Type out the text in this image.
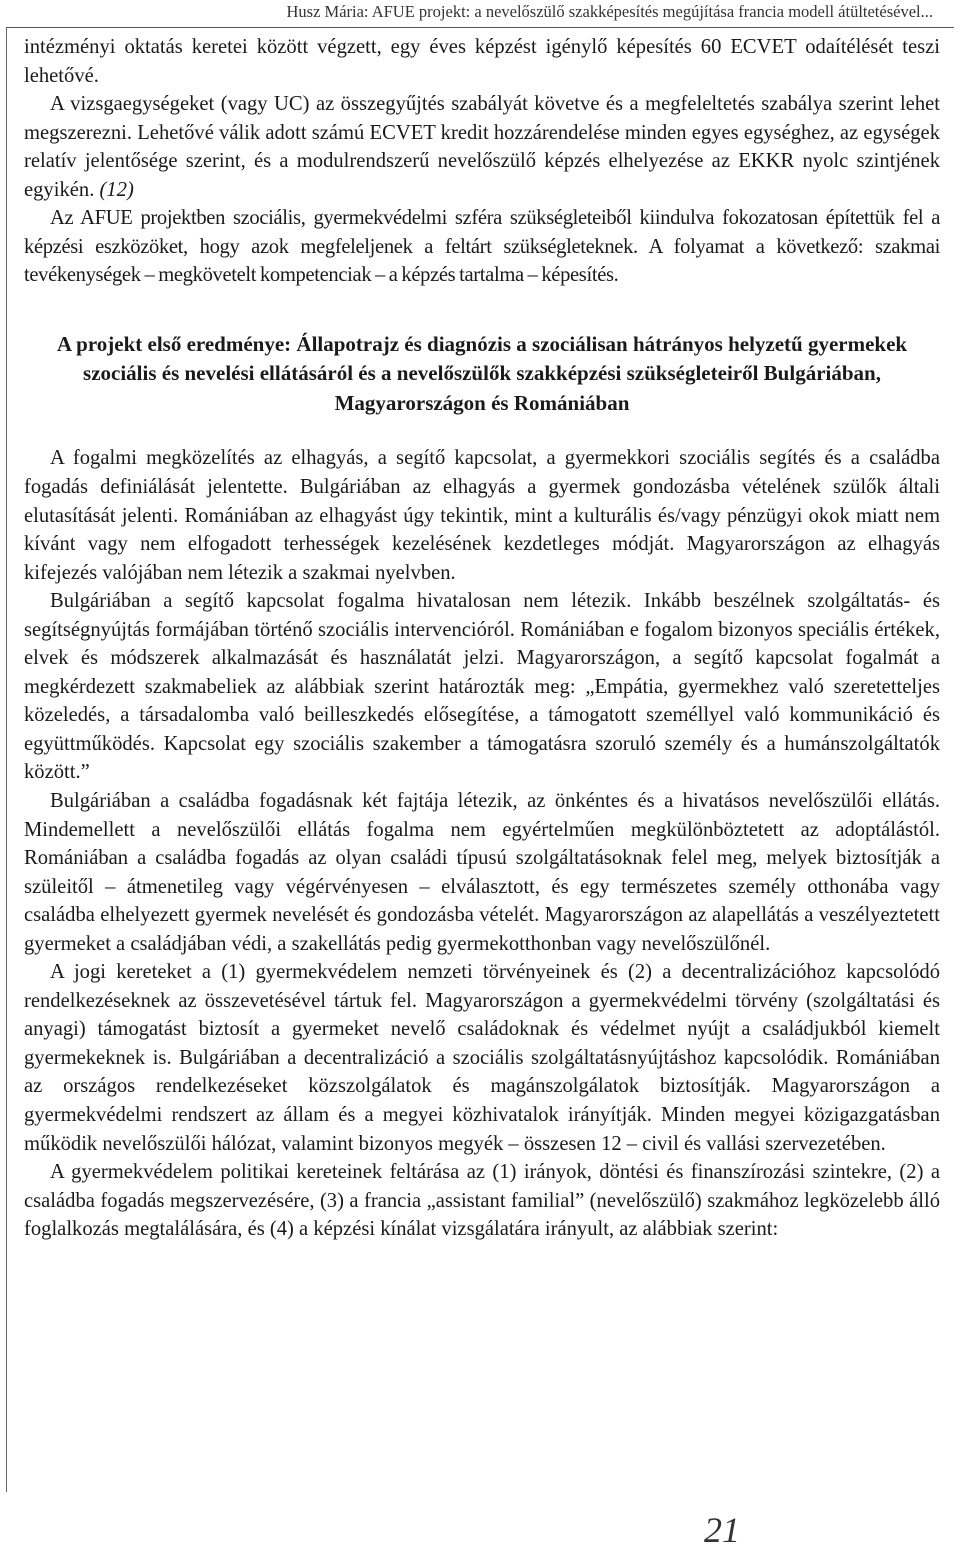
Husz Mária: AFUE projekt: a nevelőszülő szakképesítés megújítása francia modell átültetésével...

intézményi oktatás keretei között végzett, egy éves képzést igénylő képesítés 60 ECVET odaítélését teszi lehetővé.

A vizsgaegységeket (vagy UC) az összegyűjtés szabályát követve és a megfeleltetés szabálya szerint lehet megszerezni. Lehetővé válik adott számú ECVET kredit hozzárendelése minden egyes egységhez, az egységek relatív jelentősége szerint, és a modulrendszerű nevelőszülő képzés elhelyezése az EKKR nyolc szintjének egyikén. (12)

Az AFUE projektben szociális, gyermekvédelmi szféra szükségleteiből kiindulva fokozatosan építettük fel a képzési eszközöket, hogy azok megfeleljenek a feltárt szükségleteknek. A folyamat a következő: szakmai tevékenységek – megkövetelt kompetenciak – a képzés tartalma – képesítés.

A projekt első eredménye: Állapotrajz és diagnózis a szociálisan hátrányos helyzetű gyermekek szociális és nevelési ellátásáról és a nevelőszülők szakképzési szükségleteiről Bulgáriában, Magyarországon és Romániában

A fogalmi megközelítés az elhagyás, a segítő kapcsolat, a gyermekkori szociális segítés és a családba fogadás definiálását jelentette. Bulgáriában az elhagyás a gyermek gondozásba vételének szülők általi elutasítását jelenti. Romániában az elhagyást úgy tekintik, mint a kulturális és/vagy pénzügyi okok miatt nem kívánt vagy nem elfogadott terhességek kezelésének kezdetleges módját. Magyarországon az elhagyás kifejezés valójában nem létezik a szakmai nyelvben.

Bulgáriában a segítő kapcsolat fogalma hivatalosan nem létezik. Inkább beszélnek szolgáltatás- és segítségnyújtás formájában történő szociális intervencióról. Romániában e fogalom bizonyos speciális értékek, elvek és módszerek alkalmazását és használatát jelzi. Magyarországon, a segítő kapcsolat fogalmát a megkérdezett szakmabeliek az alábbiak szerint határozták meg: „Empátia, gyermekhez való szeretetteljes közeledés, a társadalomba való beilleszkedés elősegítése, a támogatott személlyel való kommunikáció és együttműködés. Kapcsolat egy szociális szakember a támogatásra szoruló személy és a humánszolgáltatók között.”

Bulgáriában a családba fogadásnak két fajtája létezik, az önkéntes és a hivatásos nevelőszülői ellátás. Mindemellett a nevelőszülői ellátás fogalma nem egyértelműen megkülönböztetett az adoptálástól. Romániában a családba fogadás az olyan családi típusú szolgáltatásoknak felel meg, melyek biztosítják a szüleitől – átmenetileg vagy végérvényesen – elválasztott, és egy természetes személy otthonába vagy családba elhelyezett gyermek nevelését és gondozásba vételét. Magyarországon az alapellátás a veszélyeztetett gyermeket a családjában védi, a szakellátás pedig gyermekotthonban vagy nevelőszülőnél.

A jogi kereteket a (1) gyermekvédelem nemzeti törvényeinek és (2) a decentralizációhoz kapcsolódó rendelkezéseknek az összevetésével tártuk fel. Magyarországon a gyermekvédelmi törvény (szolgáltatási és anyagi) támogatást biztosít a gyermeket nevelő családoknak és védelmet nyújt a családjukból kiemelt gyermekeknek is. Bulgáriában a decentralizáció a szociális szolgáltatásnyújtáshoz kapcsolódik. Romániában az országos rendelkezéseket közszolgálatok és magánszolgálatok biztosítják. Magyarországon a gyermekvédelmi rendszert az állam és a megyei közhivatalok irányítják. Minden megyei közigazgatásban működik nevelőszülői hálózat, valamint bizonyos megyék – összesen 12 – civil és vallási szervezetében.

A gyermekvédelem politikai kereteinek feltárása az (1) irányok, döntési és finanszírozási szintekre, (2) a családba fogadás megszervezésére, (3) a francia „assistant familial” (nevelőszülő) szakmához legközelebb álló foglalkozás megtalálására, és (4) a képzési kínálat vizsgálatára irányult, az alábbiak szerint:

21
